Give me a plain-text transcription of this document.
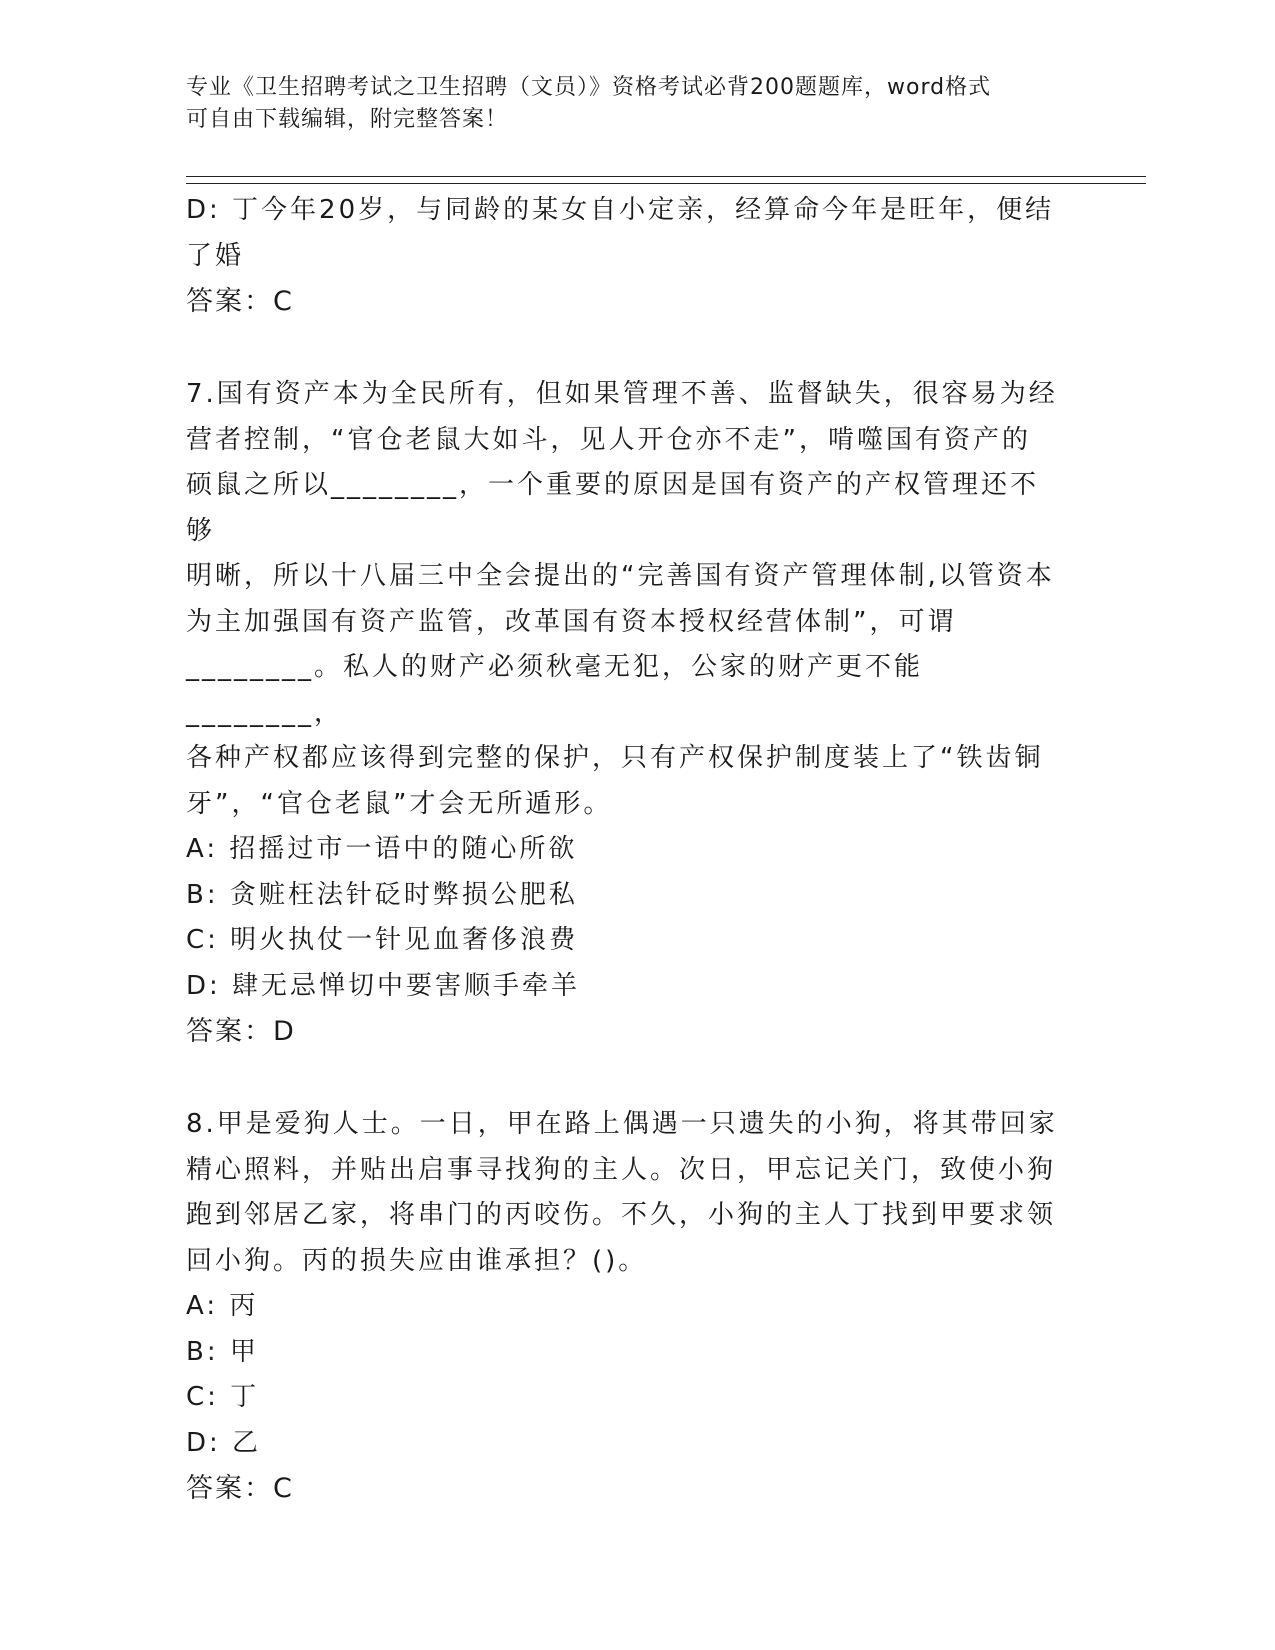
专业《卫生招聘考试之卫生招聘（文员）》资格考试必背200题题库，word格式
可自由下载编辑，附完整答案！
D: 丁今年20岁，与同龄的某女自小定亲，经算命今年是旺年，便结
了婚
答案：C
7.国有资产本为全民所有，但如果管理不善、监督缺失，很容易为经
营者控制，“官仓老鼠大如斗，见人开仓亦不走”，啃噬国有资产的
硕鼠之所以________，一个重要的原因是国有资产的产权管理还不够
明晰，所以十八届三中全会提出的“完善国有资产管理体制,以管资本
为主加强国有资产监管，改革国有资本授权经营体制”，可谓
________。私人的财产必须秋毫无犯，公家的财产更不能________，
各种产权都应该得到完整的保护，只有产权保护制度装上了“铁齿铜
牙”，“官仓老鼠”才会无所遁形。
A: 招摇过市一语中的随心所欲
B: 贪赃枉法针砭时弊损公肥私
C: 明火执仗一针见血奢侈浪费
D: 肆无忌惮切中要害顺手牵羊
答案：D
8.甲是爱狗人士。一日，甲在路上偶遇一只遗失的小狗，将其带回家
精心照料，并贴出启事寻找狗的主人。次日，甲忘记关门，致使小狗
跑到邻居乙家，将串门的丙咬伤。不久，小狗的主人丁找到甲要求领
回小狗。丙的损失应由谁承担？()。
A: 丙
B: 甲
C: 丁
D: 乙
答案：C
